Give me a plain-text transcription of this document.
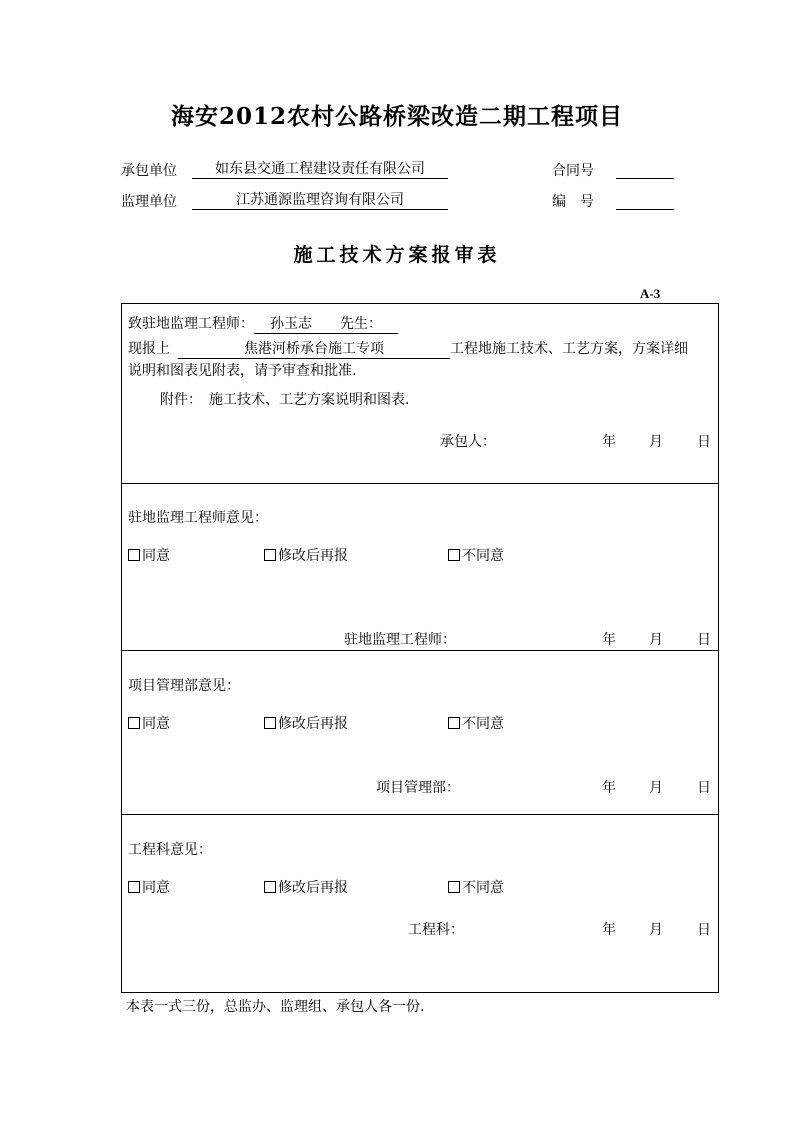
海安2012农村公路桥梁改造二期工程项目
承包单位	如东县交通工程建设责任有限公司	合同号

监理单位	江苏通源监理咨询有限公司	编　号

施工技术方案报审表
A-3
致驻地监理工程师： 孙玉志　　 先生：
现报上	焦港河桥承台施工专项	工程地施工技术、工艺方案，方案详细
说明和图表见附表，请予审查和批准.
附件：　施工技术、工艺方案说明和图表.
承包人：	年 月 日
驻地监理工程师意见：
同意	修改后再报	不同意
驻地监理工程师：	年 月 日
项目管理部意见：
同意	修改后再报	不同意
项目管理部：	年 月 日
工程科意见：
同意	修改后再报	不同意
工程科：	年 月 日
本表一式三份，总监办、监理组、承包人各一份.
